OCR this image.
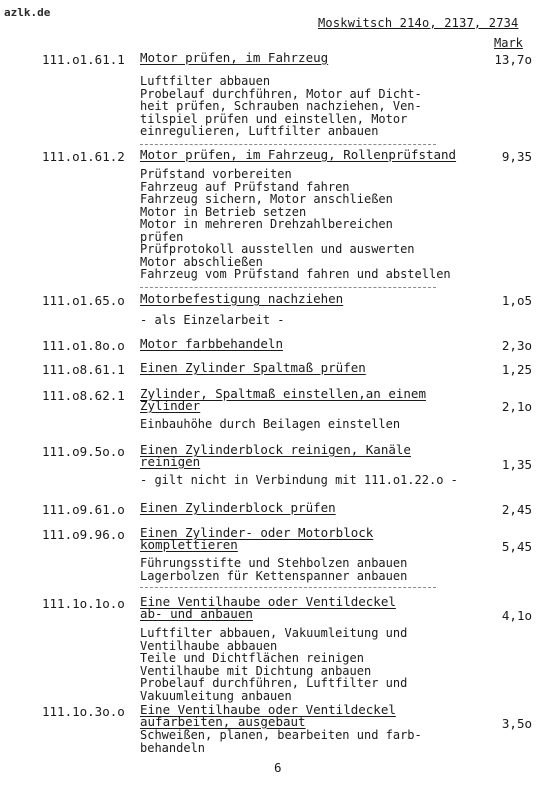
azlk.de
Moskwitsch 214o, 2137, 2734
Mark
111.o1.61.1 Motor prüfen, im Fahrzeug	13,7o
Luftfilter abbauen
Probelauf durchführen, Motor auf Dicht-
heit prüfen, Schrauben nachziehen, Ven-
tilspiel prüfen und einstellen, Motor
einregulieren, Luftfilter anbauen
111.o1.61.2 Motor prüfen, im Fahrzeug, Rollenprüfstand	9,35
Prüfstand vorbereiten
Fahrzeug auf Prüfstand fahren
Fahrzeug sichern, Motor anschließen
Motor in Betrieb setzen
Motor in mehreren Drehzahlbereichen
prüfen
Prüfprotokoll ausstellen und auswerten
Motor abschließen
Fahrzeug vom Prüfstand fahren und abstellen
111.o1.65.o Motorbefestigung nachziehen	1,o5
- als Einzelarbeit -
111.o1.8o.o Motor farbbehandeln	2,3o
111.o8.61.1 Einen Zylinder Spaltmaß prüfen	1,25
111.o8.62.1 Zylinder, Spaltmaß einstellen,an einem
Zylinder	2,1o
Einbauhöhe durch Beilagen einstellen
111.o9.5o.o Einen Zylinderblock reinigen, Kanäle
reinigen	1,35
- gilt nicht in Verbindung mit 111.o1.22.o -
111.o9.61.o Einen Zylinderblock prüfen	2,45
111.o9.96.o Einen Zylinder- oder Motorblock
komplettieren	5,45
Führungsstifte und Stehbolzen anbauen
Lagerbolzen für Kettenspanner anbauen
111.1o.1o.o Eine Ventilhaube oder Ventildeckel
ab- und anbauen	4,1o
Luftfilter abbauen, Vakuumleitung und
Ventilhaube abbauen
Teile und Dichtflächen reinigen
Ventilhaube mit Dichtung anbauen
Probelauf durchführen, Luftfilter und
Vakuumleitung anbauen
111.1o.3o.o Eine Ventilhaube oder Ventildeckel
aufarbeiten, ausgebaut	3,5o
Schweißen, planen, bearbeiten und farb-
behandeln
6
